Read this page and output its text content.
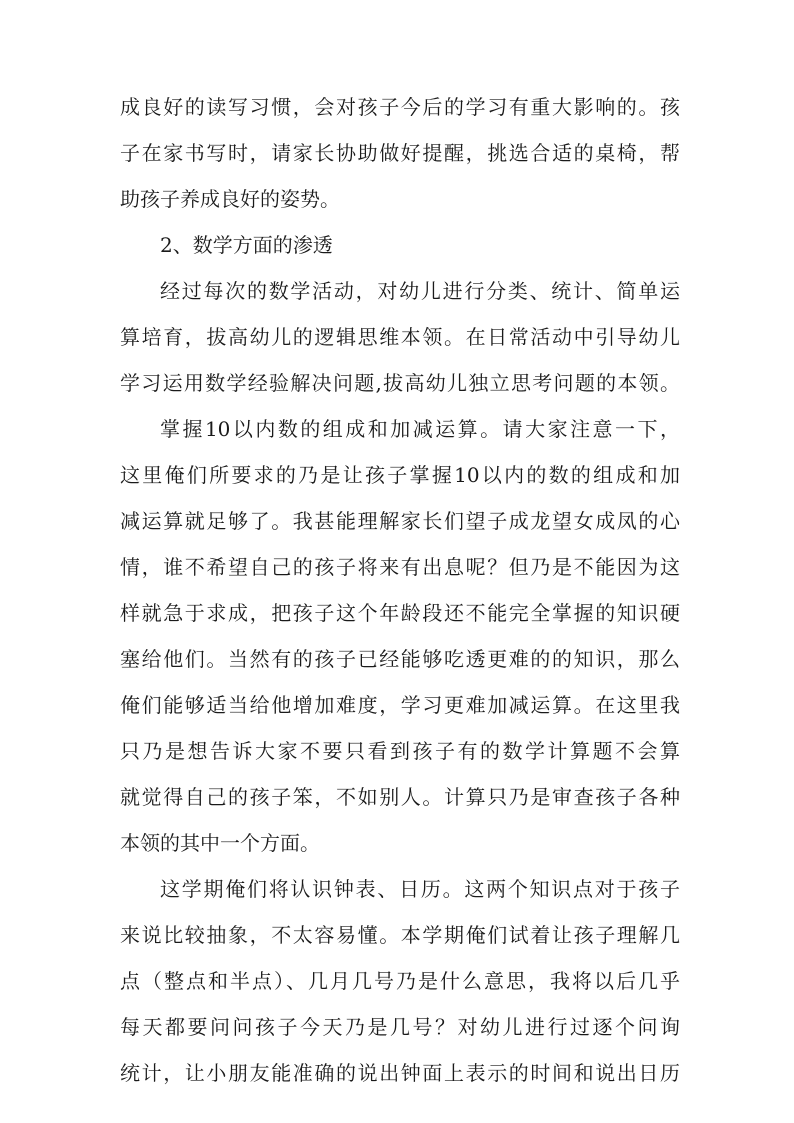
成良好的读写习惯，会对孩子今后的学习有重大影响的。孩
子在家书写时，请家长协助做好提醒，挑选合适的桌椅，帮
助孩子养成良好的姿势。
2、数学方面的渗透
经过每次的数学活动，对幼儿进行分类、统计、简单运
算培育，拔高幼儿的逻辑思维本领。在日常活动中引导幼儿
学习运用数学经验解决问题,拔高幼儿独立思考问题的本领。
掌握10以内数的组成和加减运算。请大家注意一下，
这里俺们所要求的乃是让孩子掌握10以内的数的组成和加
减运算就足够了。我甚能理解家长们望子成龙望女成凤的心
情，谁不希望自己的孩子将来有出息呢？但乃是不能因为这
样就急于求成，把孩子这个年龄段还不能完全掌握的知识硬
塞给他们。当然有的孩子已经能够吃透更难的的知识，那么
俺们能够适当给他增加难度，学习更难加减运算。在这里我
只乃是想告诉大家不要只看到孩子有的数学计算题不会算
就觉得自己的孩子笨，不如别人。计算只乃是审查孩子各种
本领的其中一个方面。
这学期俺们将认识钟表、日历。这两个知识点对于孩子
来说比较抽象，不太容易懂。本学期俺们试着让孩子理解几
点（整点和半点）、几月几号乃是什么意思，我将以后几乎
每天都要问问孩子今天乃是几号？对幼儿进行过逐个问询
统计，让小朋友能准确的说出钟面上表示的时间和说出日历
